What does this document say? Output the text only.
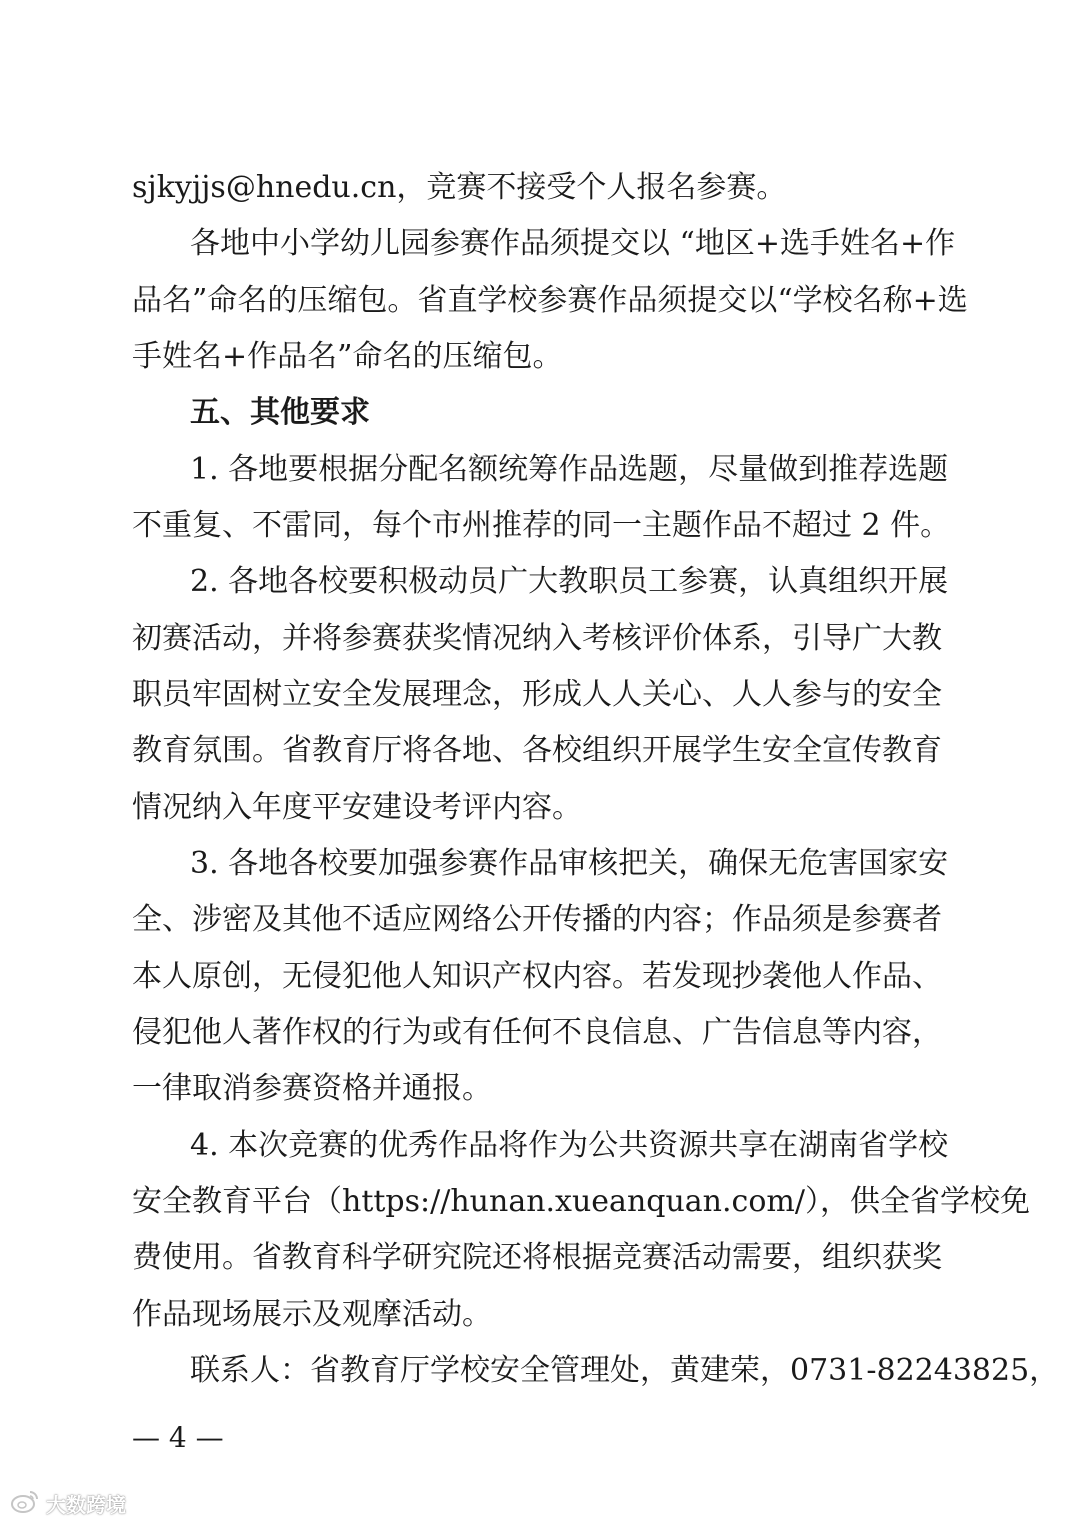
sjkyjjs@hnedu.cn，竞赛不接受个人报名参赛。
各地中小学幼儿园参赛作品须提交以 “地区+选手姓名+作
品名”命名的压缩包。省直学校参赛作品须提交以“学校名称+选
手姓名+作品名”命名的压缩包。
五、其他要求
1. 各地要根据分配名额统筹作品选题，尽量做到推荐选题
不重复、不雷同，每个市州推荐的同一主题作品不超过 2 件。
2. 各地各校要积极动员广大教职员工参赛，认真组织开展
初赛活动，并将参赛获奖情况纳入考核评价体系，引导广大教
职员牢固树立安全发展理念，形成人人关心、人人参与的安全
教育氛围。省教育厅将各地、各校组织开展学生安全宣传教育
情况纳入年度平安建设考评内容。
3. 各地各校要加强参赛作品审核把关，确保无危害国家安
全、涉密及其他不适应网络公开传播的内容；作品须是参赛者
本人原创，无侵犯他人知识产权内容。若发现抄袭他人作品、
侵犯他人著作权的行为或有任何不良信息、广告信息等内容，
一律取消参赛资格并通报。
4. 本次竞赛的优秀作品将作为公共资源共享在湖南省学校
安全教育平台（https://hunan.xueanquan.com/），供全省学校免
费使用。省教育科学研究院还将根据竞赛活动需要，组织获奖
作品现场展示及观摩活动。
联系人：省教育厅学校安全管理处，黄建荣，0731-82243825，
— 4 —
大数跨境
